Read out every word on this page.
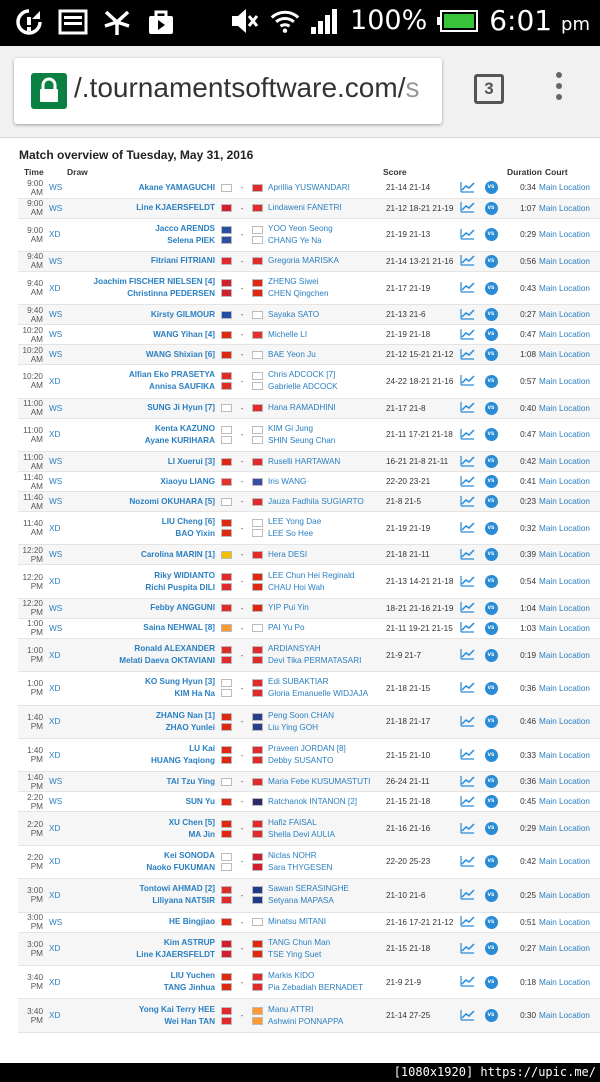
100% 6:01 pm
/.tournamentsoftware.com/s	3
Match overview of Tuesday, May 31, 2016
Time	Draw	Score	Duration Court
9:00 AM	WS	Akane YAMAGUCHI		-		Aprillia YUSWANDARI	21-14 21-14		vs	0:34	Main Location
9:00 AM	WS	Line KJAERSFELDT		-		Lindaweni FANETRI	21-12 18-21 21-19		vs	1:07	Main Location
9:00 AM	XD	Jacco ARENDS
Selena PIEK		-		YOO Yeon Seong
CHANG Ye Na	21-19 21-13		vs	0:29	Main Location
9:40 AM	WS	Fitriani FITRIANI		-		Gregoria MARISKA	21-14 13-21 21-16		vs	0:56	Main Location
9:40 AM	XD	Joachim FISCHER NIELSEN [4]
Christinna PEDERSEN		-		ZHENG Siwei
CHEN Qingchen	21-17 21-19		vs	0:43	Main Location
9:40 AM	WS	Kirsty GILMOUR		-		Sayaka SATO	21-13 21-6		vs	0:27	Main Location
10:20 AM	WS	WANG Yihan [4]		-		Michelle LI	21-19 21-18		vs	0:47	Main Location
10:20 AM	WS	WANG Shixian [6]		-		BAE Yeon Ju	21-12 15-21 21-12		vs	1:08	Main Location
10:20 AM	XD	Alfian Eko PRASETYA
Annisa SAUFIKA		-		Chris ADCOCK [7]
Gabrielle ADCOCK	24-22 18-21 21-16		vs	0:57	Main Location
11:00 AM	WS	SUNG Ji Hyun [7]		-		Hana RAMADHINI	21-17 21-8		vs	0:40	Main Location
11:00 AM	XD	Kenta KAZUNO
Ayane KURIHARA		-		KIM Gi Jung
SHIN Seung Chan	21-11 17-21 21-18		vs	0:47	Main Location
11:00 AM	WS	LI Xuerui [3]		-		Ruselli HARTAWAN	16-21 21-8 21-11		vs	0:42	Main Location
11:40 AM	WS	Xiaoyu LIANG		-		Iris WANG	22-20 23-21		vs	0:41	Main Location
11:40 AM	WS	Nozomi OKUHARA [5]		-		Jauza Fadhila SUGIARTO	21-8 21-5		vs	0:23	Main Location
11:40 AM	XD	LIU Cheng [6]
BAO Yixin		-		LEE Yong Dae
LEE So Hee	21-19 21-19		vs	0:32	Main Location
12:20 PM	WS	Carolina MARIN [1]		-		Hera DESI	21-18 21-11		vs	0:39	Main Location
12:20 PM	XD	Riky WIDIANTO
Richi Puspita DILI		-		LEE Chun Hei Reginald
CHAU Hoi Wah	21-13 14-21 21-18		vs	0:54	Main Location
12:20 PM	WS	Febby ANGGUNI		-		YIP Pui Yin	18-21 21-16 21-19		vs	1:04	Main Location
1:00 PM	WS	Saina NEHWAL [8]		-		PAI Yu Po	21-11 19-21 21-15		vs	1:03	Main Location
1:00 PM	XD	Ronald ALEXANDER
Melati Daeva OKTAVIANI		-		ARDIANSYAH
Devi Tika PERMATASARI	21-9 21-7		vs	0:19	Main Location
1:00 PM	XD	KO Sung Hyun [3]
KIM Ha Na		-		Edi SUBAKTIAR
Gloria Emanuelle WIDJAJA	21-18 21-15		vs	0:36	Main Location
1:40 PM	XD	ZHANG Nan [1]
ZHAO Yunlei		-		Peng Soon CHAN
Liu Ying GOH	21-18 21-17		vs	0:46	Main Location
1:40 PM	XD	LU Kai
HUANG Yaqiong		-		Praveen JORDAN [8]
Debby SUSANTO	21-15 21-10		vs	0:33	Main Location
1:40 PM	WS	TAI Tzu Ying		-		Maria Febe KUSUMASTUTI	26-24 21-11		vs	0:36	Main Location
2:20 PM	WS	SUN Yu		-		Ratchanok INTANON [2]	21-15 21-18		vs	0:45	Main Location
2:20 PM	XD	XU Chen [5]
MA Jin		-		Hafiz FAISAL
Shella Devi AULIA	21-16 21-16		vs	0:29	Main Location
2:20 PM	XD	Kei SONODA
Naoko FUKUMAN		-		Niclas NOHR
Sara THYGESEN	22-20 25-23		vs	0:42	Main Location
3:00 PM	XD	Tontowi AHMAD [2]
Liliyana NATSIR		-		Sawan SERASINGHE
Setyana MAPASA	21-10 21-6		vs	0:25	Main Location
3:00 PM	WS	HE Bingjiao		-		Minatsu MITANI	21-16 17-21 21-12		vs	0:51	Main Location
3:00 PM	XD	Kim ASTRUP
Line KJAERSFELDT		-		TANG Chun Man
TSE Ying Suet	21-15 21-18		vs	0:27	Main Location
3:40 PM	XD	LIU Yuchen
TANG Jinhua		-		Markis KIDO
Pia Zebadiah BERNADET	21-9 21-9		vs	0:18	Main Location
3:40 PM	XD	Yong Kai Terry HEE
Wei Han TAN		-		Manu ATTRI
Ashwini PONNAPPA	21-14 27-25		vs	0:30	Main Location
[1080x1920] https://upic.me/
